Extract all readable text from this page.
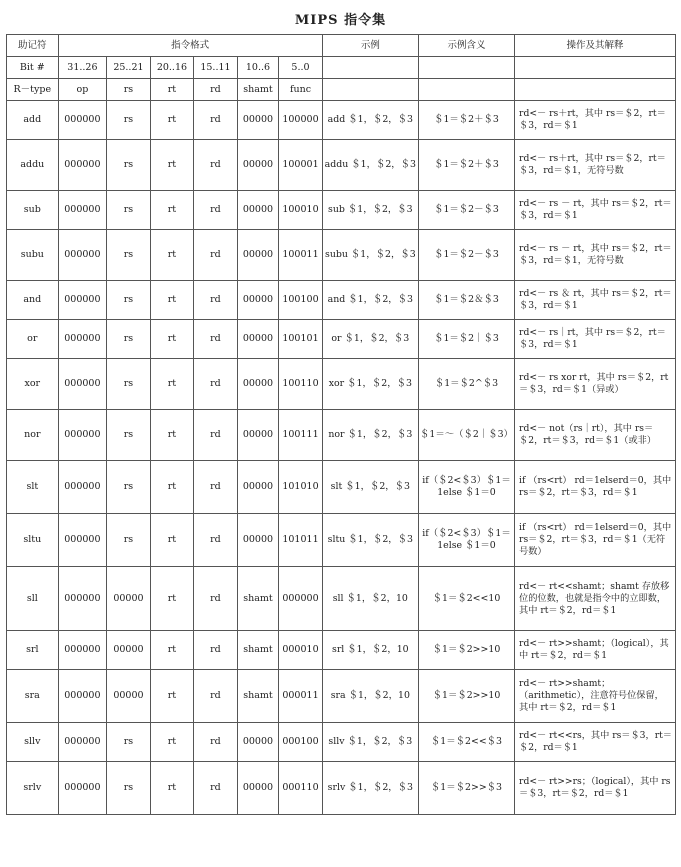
MIPS 指令集
助记符	指令格式						示例	示例含义	操作及其解释
Bit #	31..26	25..21	20..16	15..11	10..6	5..0			
R－type	op	rs	rt	rd	shamt	func			
add	000000	rs	rt	rd	00000	100000	add ＄1，＄2，＄3	＄1＝＄2＋＄3	rd<－ rs＋rt，其中 rs＝＄2，rt＝＄3，rd＝＄1
addu	000000	rs	rt	rd	00000	100001	addu ＄1，＄2，＄3	＄1＝＄2＋＄3	rd<－ rs＋rt，其中 rs＝＄2，rt＝＄3，rd＝＄1，无符号数
sub	000000	rs	rt	rd	00000	100010	sub ＄1，＄2，＄3	＄1＝＄2－＄3	rd<－ rs － rt，其中 rs＝＄2，rt＝＄3，rd＝＄1
subu	000000	rs	rt	rd	00000	100011	subu ＄1，＄2，＄3	＄1＝＄2－＄3	rd<－ rs － rt，其中 rs＝＄2，rt＝＄3，rd＝＄1，无符号数
and	000000	rs	rt	rd	00000	100100	and ＄1，＄2，＄3	＄1＝＄2＆＄3	rd<－ rs ＆ rt，其中 rs＝＄2，rt＝＄3，rd＝＄1
or	000000	rs	rt	rd	00000	100101	or ＄1，＄2，＄3	＄1＝＄2｜＄3	rd<－ rs｜rt，其中 rs＝＄2，rt＝＄3，rd＝＄1
xor	000000	rs	rt	rd	00000	100110	xor ＄1，＄2，＄3	＄1＝＄2^＄3	rd<－ rs xor rt，其中 rs＝＄2，rt＝＄3，rd＝＄1（异或）
nor	000000	rs	rt	rd	00000	100111	nor ＄1，＄2，＄3	＄1＝～（＄2｜＄3）	rd<－ not（rs｜rt），其中 rs＝＄2，rt＝＄3，rd＝＄1（或非）
slt	000000	rs	rt	rd	00000	101010	slt ＄1，＄2，＄3	if（＄2<＄3）＄1＝1else ＄1＝0	if （rs<rt） rd＝1elserd＝0，其中 rs＝＄2，rt＝＄3，rd＝＄1
sltu	000000	rs	rt	rd	00000	101011	sltu ＄1，＄2，＄3	if（＄2<＄3）＄1＝1else ＄1＝0	if （rs<rt） rd＝1elserd＝0，其中 rs＝＄2，rt＝＄3，rd＝＄1（无符号数）
sll	000000	00000	rt	rd	shamt	000000	sll ＄1，＄2，10	＄1＝＄2<<10	rd<－ rt<<shamt；shamt 存放移位的位数，也就是指令中的立即数，其中 rt＝＄2，rd＝＄1
srl	000000	00000	rt	rd	shamt	000010	srl ＄1，＄2，10	＄1＝＄2>>10	rd<－ rt>>shamt；（logical），其中 rt＝＄2，rd＝＄1
sra	000000	00000	rt	rd	shamt	000011	sra ＄1，＄2，10	＄1＝＄2>>10	rd<－ rt>>shamt；（arithmetic），注意符号位保留，其中 rt＝＄2，rd＝＄1
sllv	000000	rs	rt	rd	00000	000100	sllv ＄1，＄2，＄3	＄1＝＄2<<＄3	rd<－ rt<<rs，其中 rs＝＄3，rt＝＄2，rd＝＄1
srlv	000000	rs	rt	rd	00000	000110	srlv ＄1，＄2，＄3	＄1＝＄2>>＄3	rd<－ rt>>rs；（logical），其中 rs＝＄3，rt＝＄2，rd＝＄1
